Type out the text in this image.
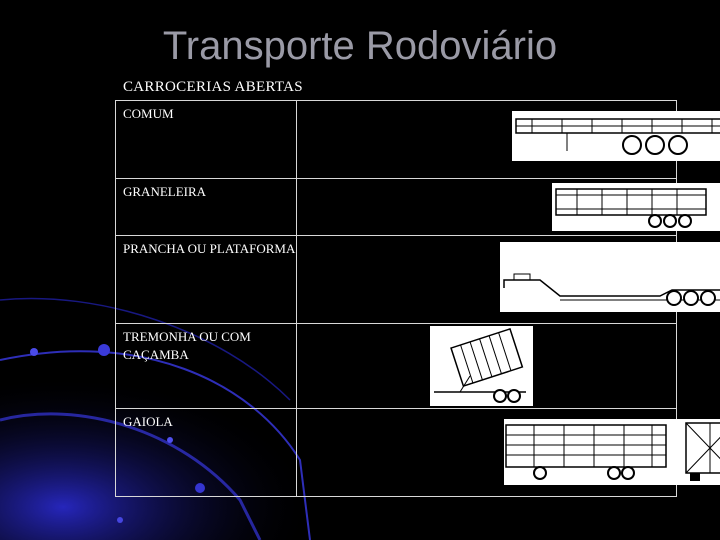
Transporte Rodoviário
CARROCERIAS ABERTAS
COMUM	

GRANELEIRA	

PRANCHA OU PLATAFORMA	

TREMONHA OU COM CAÇAMBA	

GAIOLA	
